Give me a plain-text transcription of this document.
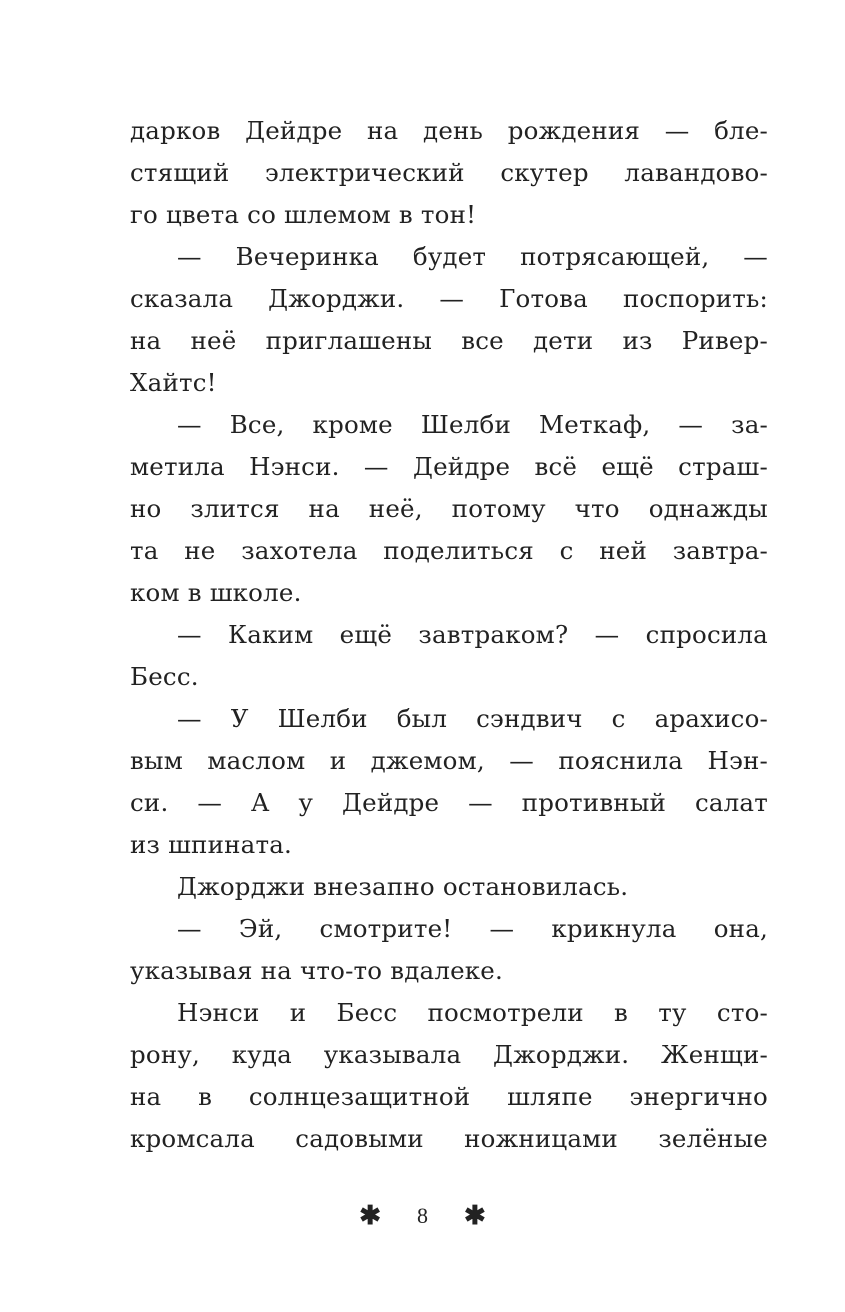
дарков Дейдре на день рождения — бле-
стящий электрический скутер лавандово-
го цвета со шлемом в тон!
— Вечеринка будет потрясающей, —
сказала Джорджи. — Готова поспорить:
на неё приглашены все дети из Ривер-
Хайтс!
— Все, кроме Шелби Меткаф, — за-
метила Нэнси. — Дейдре всё ещё страш-
но злится на неё, потому что однажды
та не захотела поделиться с ней завтра-
ком в школе.
— Каким ещё завтраком? — спросила
Бесс.
— У Шелби был сэндвич с арахисо-
вым маслом и джемом, — пояснила Нэн-
си. — А у Дейдре — противный салат
из шпината.
Джорджи внезапно остановилась.
— Эй, смотрите! — крикнула она,
указывая на что-то вдалеке.
Нэнси и Бесс посмотрели в ту сто-
рону, куда указывала Джорджи. Женщи-
на в солнцезащитной шляпе энергично
кромсала садовыми ножницами зелёные
✱ 8 ✱
